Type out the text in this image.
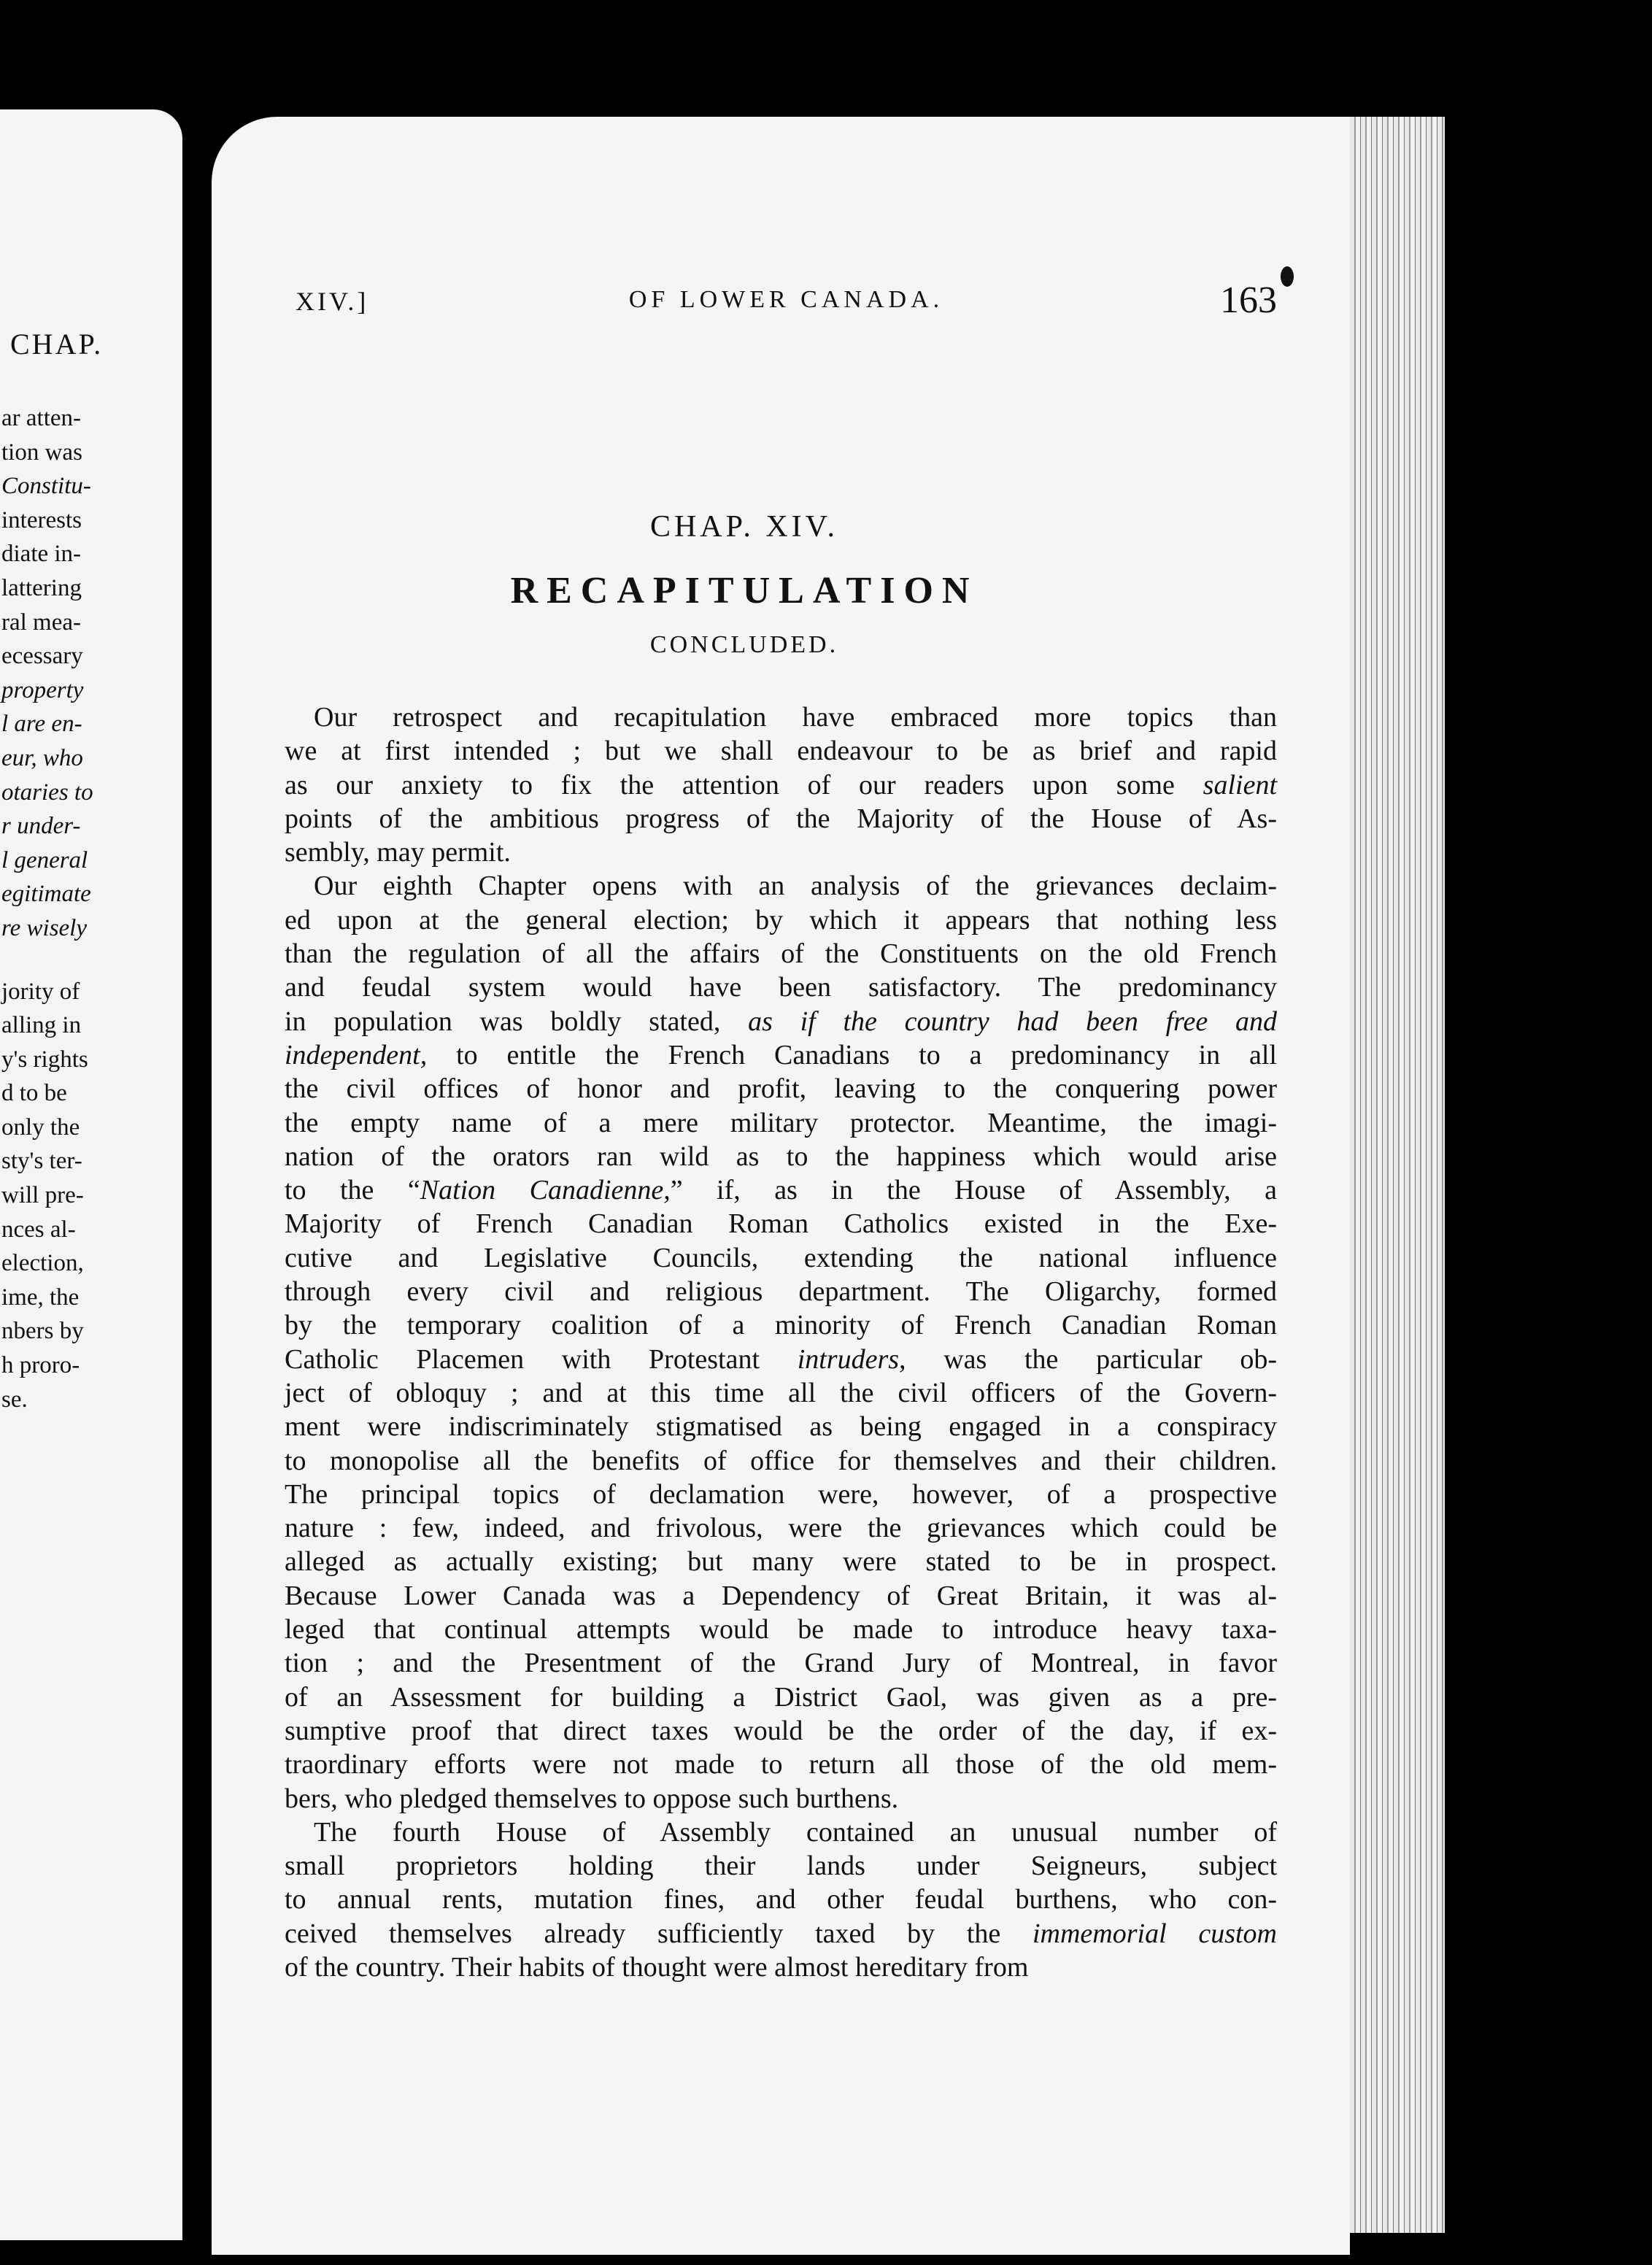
CHAP.
ar atten-
tion was
Constitu-
interests
diate in-
lattering
ral mea-
ecessary
property
l are en-
eur, who
otaries to
r under-
l general
egitimate
re wisely
jority of
alling in
y's rights
d to be
only the
sty's ter-
will pre-
nces al-
election,
ime, the
nbers by
h proro-
se.
XIV.]	OF LOWER CANADA.	163
CHAP. XIV.
RECAPITULATION
CONCLUDED.
Our retrospect and recapitulation have embraced more topics than
we at first intended ; but we shall endeavour to be as brief and rapid
as our anxiety to fix the attention of our readers upon some salient
points of the ambitious progress of the Majority of the House of As-
sembly, may permit.
Our eighth Chapter opens with an analysis of the grievances declaim-
ed upon at the general election; by which it appears that nothing less
than the regulation of all the affairs of the Constituents on the old French
and feudal system would have been satisfactory. The predominancy
in population was boldly stated, as if the country had been free and
independent, to entitle the French Canadians to a predominancy in all
the civil offices of honor and profit, leaving to the conquering power
the empty name of a mere military protector. Meantime, the imagi-
nation of the orators ran wild as to the happiness which would arise
to the “Nation Canadienne,” if, as in the House of Assembly, a
Majority of French Canadian Roman Catholics existed in the Exe-
cutive and Legislative Councils, extending the national influence
through every civil and religious department. The Oligarchy, formed
by the temporary coalition of a minority of French Canadian Roman
Catholic Placemen with Protestant intruders, was the particular ob-
ject of obloquy ; and at this time all the civil officers of the Govern-
ment were indiscriminately stigmatised as being engaged in a conspiracy
to monopolise all the benefits of office for themselves and their children.
The principal topics of declamation were, however, of a prospective
nature : few, indeed, and frivolous, were the grievances which could be
alleged as actually existing; but many were stated to be in prospect.
Because Lower Canada was a Dependency of Great Britain, it was al-
leged that continual attempts would be made to introduce heavy taxa-
tion ; and the Presentment of the Grand Jury of Montreal, in favor
of an Assessment for building a District Gaol, was given as a pre-
sumptive proof that direct taxes would be the order of the day, if ex-
traordinary efforts were not made to return all those of the old mem-
bers, who pledged themselves to oppose such burthens.
The fourth House of Assembly contained an unusual number of
small proprietors holding their lands under Seigneurs, subject
to annual rents, mutation fines, and other feudal burthens, who con-
ceived themselves already sufficiently taxed by the immemorial custom
of the country. Their habits of thought were almost hereditary from
